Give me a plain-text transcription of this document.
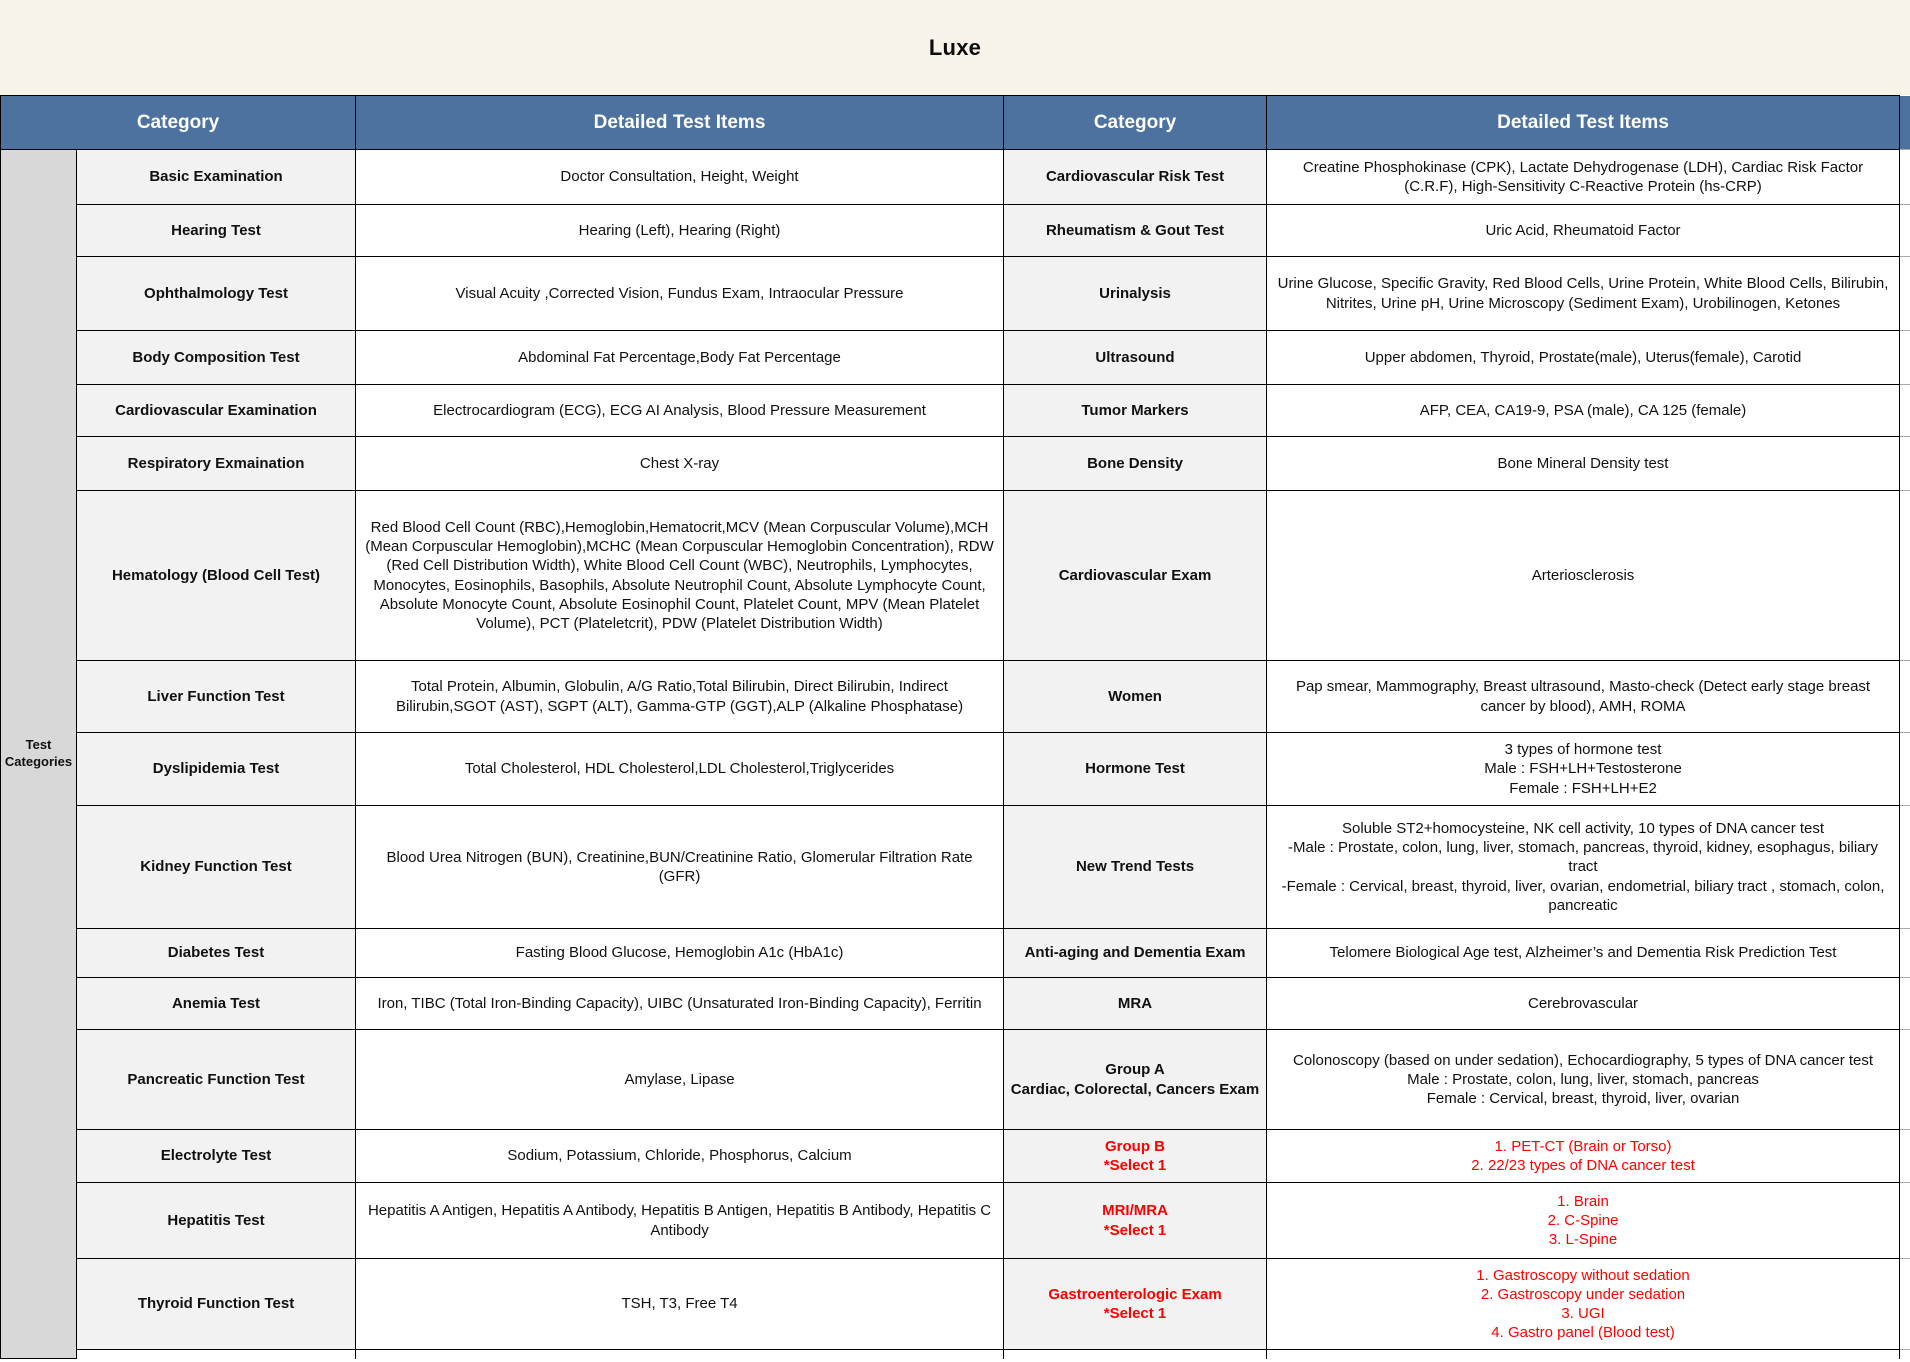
Luxe
Category		Detailed Test Items	Category	Detailed Test Items	
Test Categories	Basic Examination	Doctor Consultation, Height, Weight	Cardiovascular Risk Test	Creatine Phosphokinase (CPK), Lactate Dehydrogenase (LDH), Cardiac Risk Factor (C.R.F), High-Sensitivity C-Reactive Protein (hs-CRP)	
	Hearing Test	Hearing (Left), Hearing (Right)	Rheumatism & Gout Test	Uric Acid, Rheumatoid Factor	
	Ophthalmology Test	Visual Acuity ,Corrected Vision, Fundus Exam, Intraocular Pressure	Urinalysis	Urine Glucose, Specific Gravity, Red Blood Cells, Urine Protein, White Blood Cells, Bilirubin, Nitrites, Urine pH, Urine Microscopy (Sediment Exam), Urobilinogen, Ketones	
	Body Composition Test	Abdominal Fat Percentage,Body Fat Percentage	Ultrasound	Upper abdomen, Thyroid, Prostate(male), Uterus(female), Carotid	
	Cardiovascular Examination	Electrocardiogram (ECG), ECG AI Analysis, Blood Pressure Measurement	Tumor Markers	AFP, CEA, CA19-9, PSA (male), CA 125 (female)	
	Respiratory Exmaination	Chest X-ray	Bone Density	Bone Mineral Density test	
	Hematology (Blood Cell Test)	Red Blood Cell Count (RBC),Hemoglobin,Hematocrit,MCV (Mean Corpuscular Volume),MCH (Mean Corpuscular Hemoglobin),MCHC (Mean Corpuscular Hemoglobin Concentration), RDW (Red Cell Distribution Width), White Blood Cell Count (WBC), Neutrophils, Lymphocytes, Monocytes, Eosinophils, Basophils, Absolute Neutrophil Count, Absolute Lymphocyte Count, Absolute Monocyte Count, Absolute Eosinophil Count, Platelet Count, MPV (Mean Platelet Volume), PCT (Plateletcrit), PDW (Platelet Distribution Width)	Cardiovascular Exam	Arteriosclerosis	
	Liver Function Test	Total Protein, Albumin, Globulin, A/G Ratio,Total Bilirubin, Direct Bilirubin, Indirect Bilirubin,SGOT (AST), SGPT (ALT), Gamma-GTP (GGT),ALP (Alkaline Phosphatase)	Women	Pap smear, Mammography, Breast ultrasound, Masto-check (Detect early stage breast cancer by blood), AMH, ROMA	
	Dyslipidemia Test	Total Cholesterol, HDL Cholesterol,LDL Cholesterol,Triglycerides	Hormone Test	3 types of hormone test
Male : FSH+LH+Testosterone
Female : FSH+LH+E2	

	Kidney Function Test	Blood Urea Nitrogen (BUN), Creatinine,BUN/Creatinine Ratio, Glomerular Filtration Rate (GFR)	New Trend Tests	Soluble ST2+homocysteine, NK cell activity, 10 types of DNA cancer test
-Male : Prostate, colon, lung, liver, stomach, pancreas, thyroid, kidney, esophagus, biliary tract
-Female : Cervical, breast, thyroid, liver, ovarian, endometrial, biliary tract , stomach, colon, pancreatic	

	Diabetes Test	Fasting Blood Glucose, Hemoglobin A1c (HbA1c)	Anti-aging and Dementia Exam	Telomere Biological Age test, Alzheimer’s and Dementia Risk Prediction Test	
	Anemia Test	Iron, TIBC (Total Iron-Binding Capacity), UIBC (Unsaturated Iron-Binding Capacity), Ferritin	MRA	Cerebrovascular	
	Pancreatic Function Test	Amylase, Lipase	Group A
Cardiac, Colorectal, Cancers Exam	Colonoscopy (based on under sedation), Echocardiography, 5 types of DNA cancer test
Male : Prostate, colon, lung, liver, stomach, pancreas
Female : Cervical, breast, thyroid, liver, ovarian	

	Electrolyte Test	Sodium, Potassium, Chloride, Phosphorus, Calcium	Group B
*Select 1	1. PET-CT (Brain or Torso)
2. 22/23 types of DNA cancer test	

	Hepatitis Test	Hepatitis A Antigen, Hepatitis A Antibody, Hepatitis B Antigen, Hepatitis B Antibody, Hepatitis C Antibody	MRI/MRA
*Select 1	1. Brain
2. C-Spine
3. L-Spine	

	Thyroid Function Test	TSH, T3, Free T4	Gastroenterologic Exam
*Select 1	1. Gastroscopy without sedation
2. Gastroscopy under sedation
3. UGI
4. Gastro panel (Blood test)	
